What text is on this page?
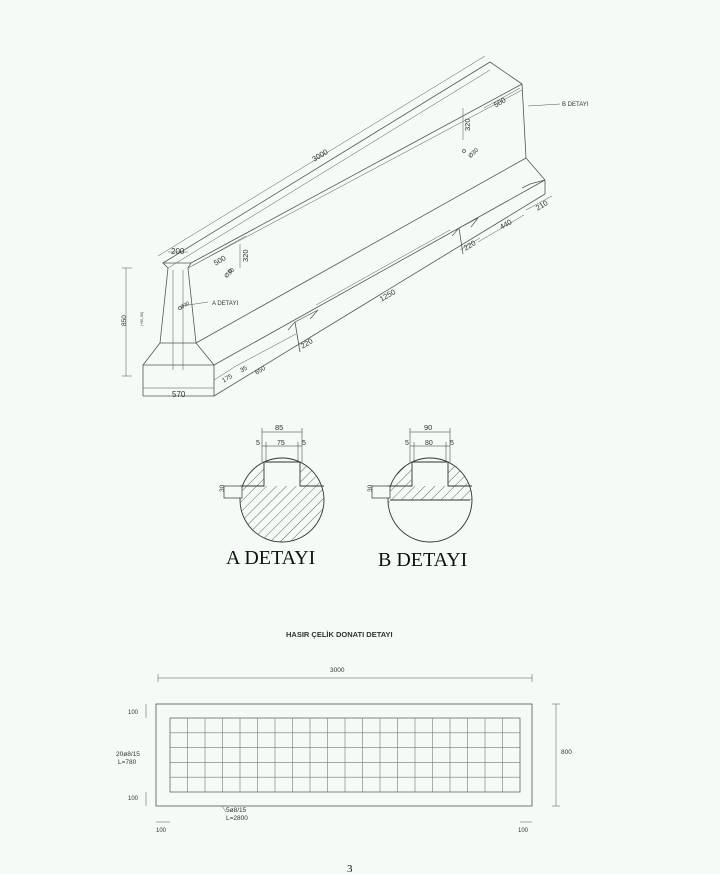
3000
200
500
500
320
320
Ø30
Ø30
Ø30
850	(+50,-50)
570
175
35 650
220
1250
220
440
210
A DETAYI
B DETAYI
85
5 75 5
30
A DETAYI
90
5 80 5
30
B DETAYI
HASIR ÇELİK DONATI DETAYI
3000
800
100
100
20ø8/15
L=780
5ø8/15
L=2800
100	100
3
